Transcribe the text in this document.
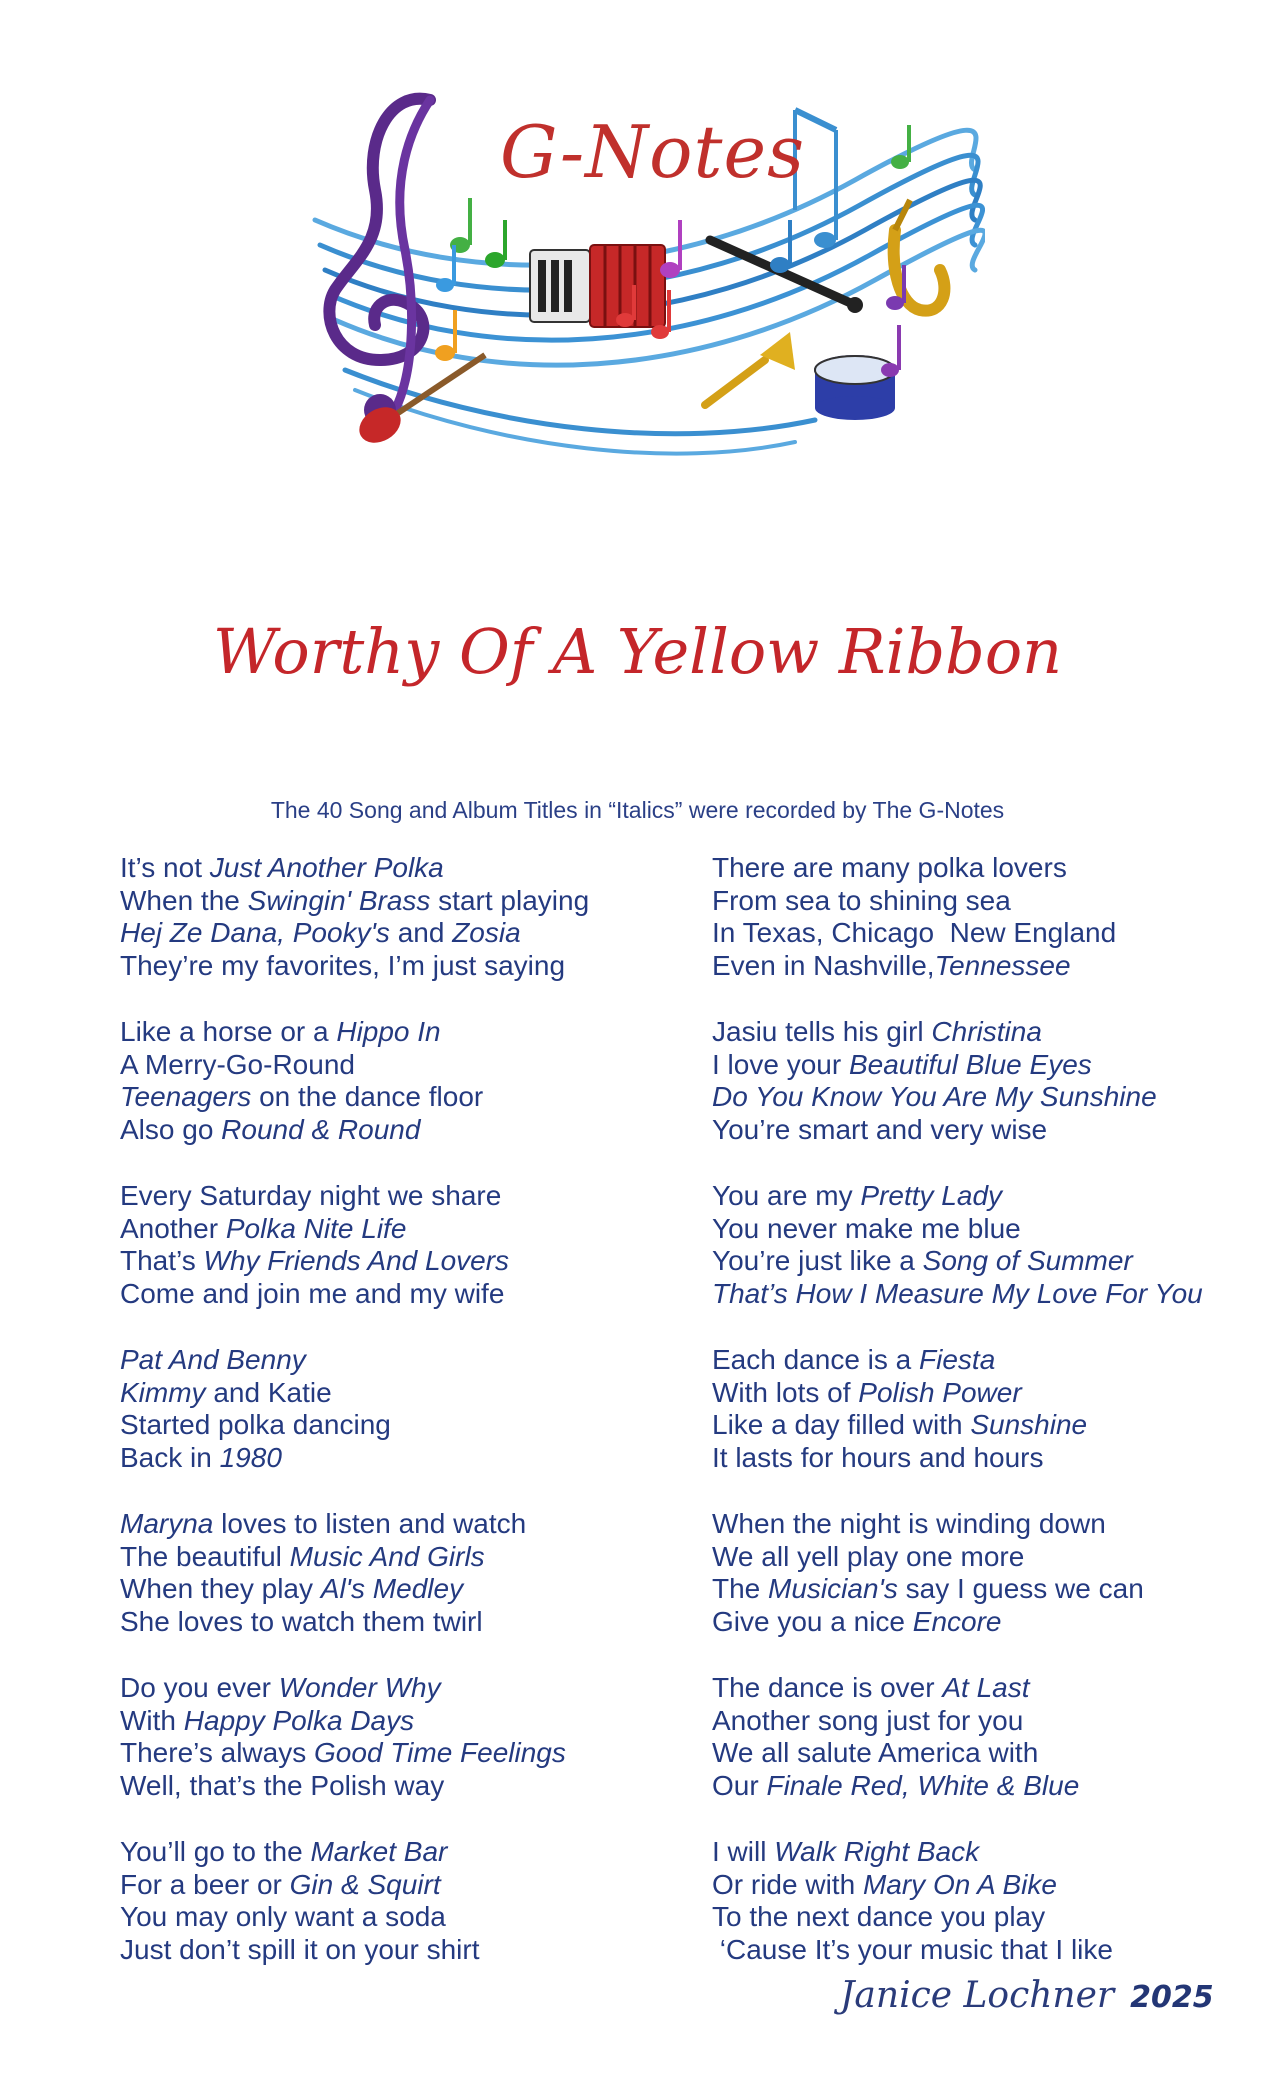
G-Notes
Worthy Of A Yellow Ribbon
The 40 Song and Album Titles in “Italics” were recorded by The G-Notes
It’s not Just Another Polka
When the Swingin' Brass start playing
Hej Ze Dana, Pooky's and Zosia
They’re my favorites, I’m just saying
Like a horse or a Hippo In
A Merry-Go-Round
Teenagers on the dance floor
Also go Round & Round
Every Saturday night we share
Another Polka Nite Life
That’s Why Friends And Lovers
Come and join me and my wife
Pat And Benny
Kimmy and Katie
Started polka dancing
Back in 1980
Maryna loves to listen and watch
The beautiful Music And Girls
When they play Al's Medley
She loves to watch them twirl
Do you ever Wonder Why
With Happy Polka Days
There’s always Good Time Feelings
Well, that’s the Polish way
You’ll go to the Market Bar
For a beer or Gin & Squirt
You may only want a soda
Just don’t spill it on your shirt
There are many polka lovers
From sea to shining sea
In Texas, Chicago  New England
Even in Nashville,Tennessee
Jasiu tells his girl Christina
I love your Beautiful Blue Eyes
Do You Know You Are My Sunshine
You’re smart and very wise
You are my Pretty Lady
You never make me blue
You’re just like a Song of Summer
That’s How I Measure My Love For You
Each dance is a Fiesta
With lots of Polish Power
Like a day filled with Sunshine
It lasts for hours and hours
When the night is winding down
We all yell play one more
The Musician's say I guess we can
Give you a nice Encore
The dance is over At Last
Another song just for you
We all salute America with
Our Finale Red, White & Blue
I will Walk Right Back
Or ride with Mary On A Bike
To the next dance you play
‘Cause It’s your music that I like
Janice Lochner 2025
